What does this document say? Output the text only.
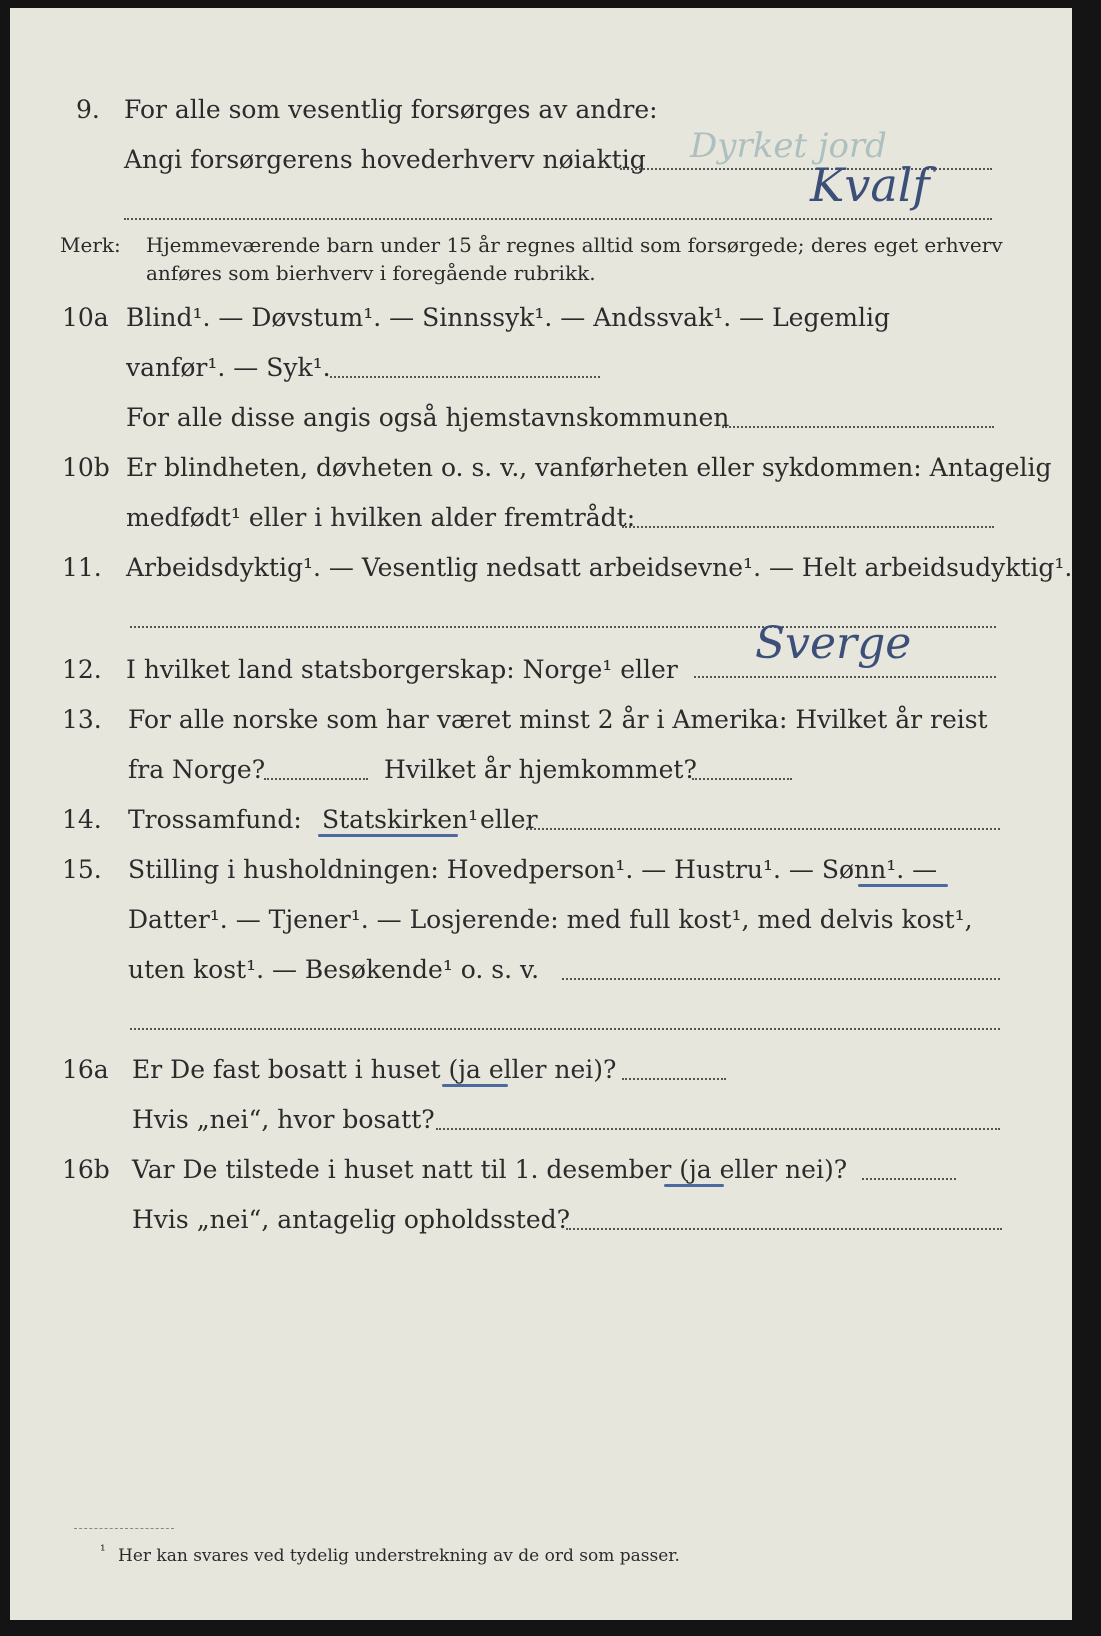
9. For alle som vesentlig forsørges av andre:
Angi forsørgerens hovederhverv nøiaktig Dyrket jord
Kvalf
Merk: Hjemmeværende barn under 15 år regnes alltid som forsørgede; deres eget erhverv
anføres som bierhverv i foregående rubrikk.
10a Blind¹. — Døvstum¹. — Sinnssyk¹. — Andssvak¹. — Legemlig
vanfør¹. — Syk¹.
For alle disse angis også hjemstavnskommunen
10b Er blindheten, døvheten o. s. v., vanførheten eller sykdommen: Antagelig
medfødt¹ eller i hvilken alder fremtrådt:
11. Arbeidsdyktig¹. — Vesentlig nedsatt arbeidsevne¹. — Helt arbeidsudyktig¹.
12. I hvilket land statsborgerskap: Norge¹ eller
Sverge
13. For alle norske som har været minst 2 år i Amerika: Hvilket år reist
fra Norge?	Hvilket år hjemkommet?
14. Trossamfund: Statskirken¹ eller
15. Stilling i husholdningen: Hovedperson¹. — Hustru¹. — Sønn¹. —
Datter¹. — Tjener¹. — Losjerende: med full kost¹, med delvis kost¹,
uten kost¹. — Besøkende¹ o. s. v.
16a Er De fast bosatt i huset (ja eller nei)?
Hvis „nei“, hvor bosatt?
16b Var De tilstede i huset natt til 1. desember (ja eller nei)?
Hvis „nei“, antagelig opholdssted?
¹ Her kan svares ved tydelig understrekning av de ord som passer.
